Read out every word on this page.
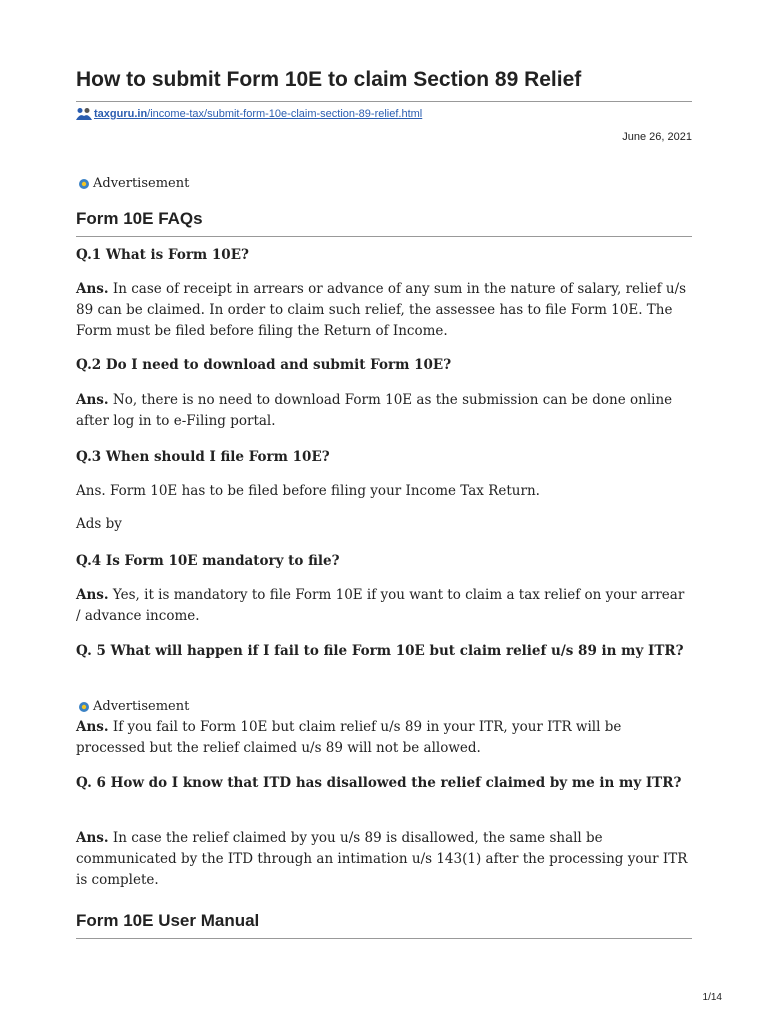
How to submit Form 10E to claim Section 89 Relief
taxguru.in /income-tax/submit-form-10e-claim-section-89-relief.html
June 26, 2021
Advertisement
Form 10E FAQs

Q.1 What is Form 10E?

Ans. In case of receipt in arrears or advance of any sum in the nature of salary, relief u/s 89 can be claimed. In order to claim such relief, the assessee has to file Form 10E. The Form must be filed before filing the Return of Income.

Q.2 Do I need to download and submit Form 10E?

Ans. No, there is no need to download Form 10E as the submission can be done online after log in to e-Filing portal.

Q.3 When should I file Form 10E?

Ans. Form 10E has to be filed before filing your Income Tax Return.

Ads by

Q.4 Is Form 10E mandatory to file?

Ans. Yes, it is mandatory to file Form 10E if you want to claim a tax relief on your arrear / advance income.

Q. 5 What will happen if I fail to file Form 10E but claim relief u/s 89 in my ITR?

Advertisement

Ans. If you fail to Form 10E but claim relief u/s 89 in your ITR, your ITR will be processed but the relief claimed u/s 89 will not be allowed.

Q. 6 How do I know that ITD has disallowed the relief claimed by me in my ITR?

Ans. In case the relief claimed by you u/s 89 is disallowed, the same shall be communicated by the ITD through an intimation u/s 143(1) after the processing your ITR is complete.

Form 10E User Manual
1/14
